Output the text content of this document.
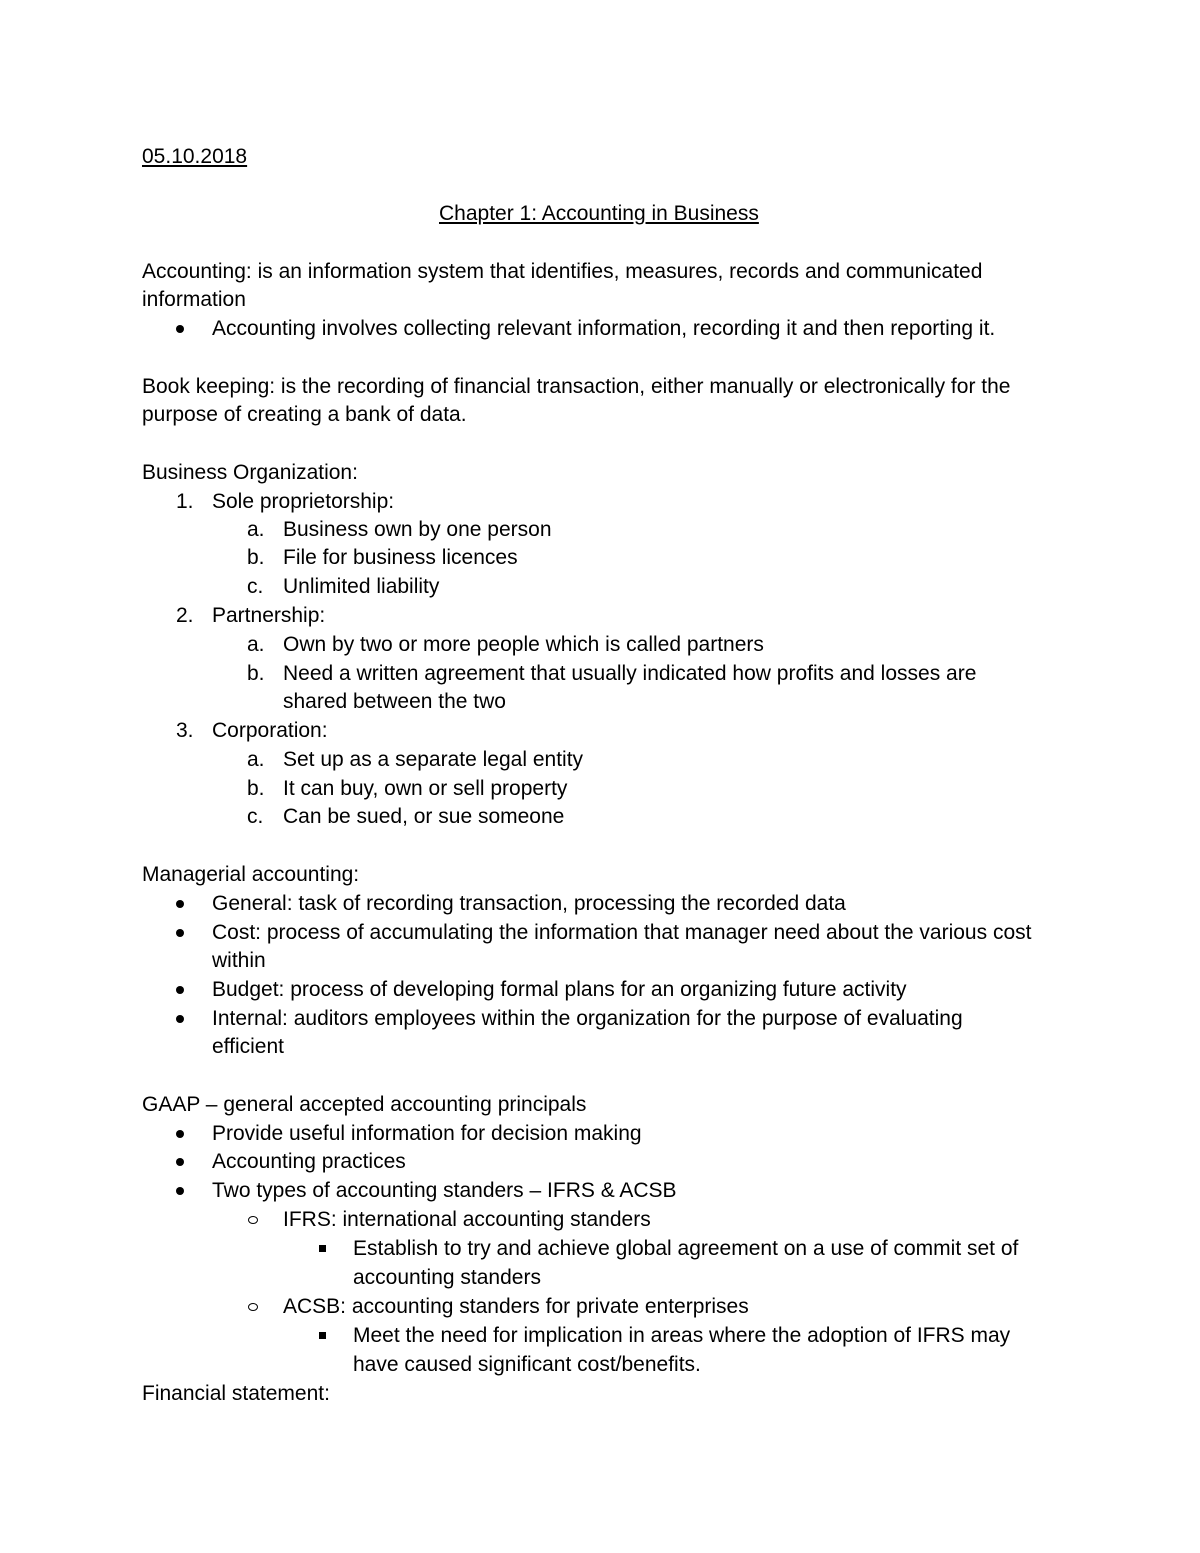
05.10.2018
Chapter 1: Accounting in Business
Accounting: is an information system that identifies, measures, records and communicated
information
Accounting involves collecting relevant information, recording it and then reporting it.
Book keeping: is the recording of financial transaction, either manually or electronically for the
purpose of creating a bank of data.
Business Organization:
1. Sole proprietorship:
a. Business own by one person
b. File for business licences
c. Unlimited liability
2. Partnership:
a. Own by two or more people which is called partners
b. Need a written agreement that usually indicated how profits and losses are
shared between the two
3. Corporation:
a. Set up as a separate legal entity
b. It can buy, own or sell property
c. Can be sued, or sue someone
Managerial accounting:
General: task of recording transaction, processing the recorded data
Cost: process of accumulating the information that manager need about the various cost
within
Budget: process of developing formal plans for an organizing future activity
Internal: auditors employees within the organization for the purpose of evaluating
efficient
GAAP – general accepted accounting principals
Provide useful information for decision making
Accounting practices
Two types of accounting standers – IFRS & ACSB
IFRS: international accounting standers
Establish to try and achieve global agreement on a use of commit set of
accounting standers
ACSB: accounting standers for private enterprises
Meet the need for implication in areas where the adoption of IFRS may
have caused significant cost/benefits.
Financial statement:
